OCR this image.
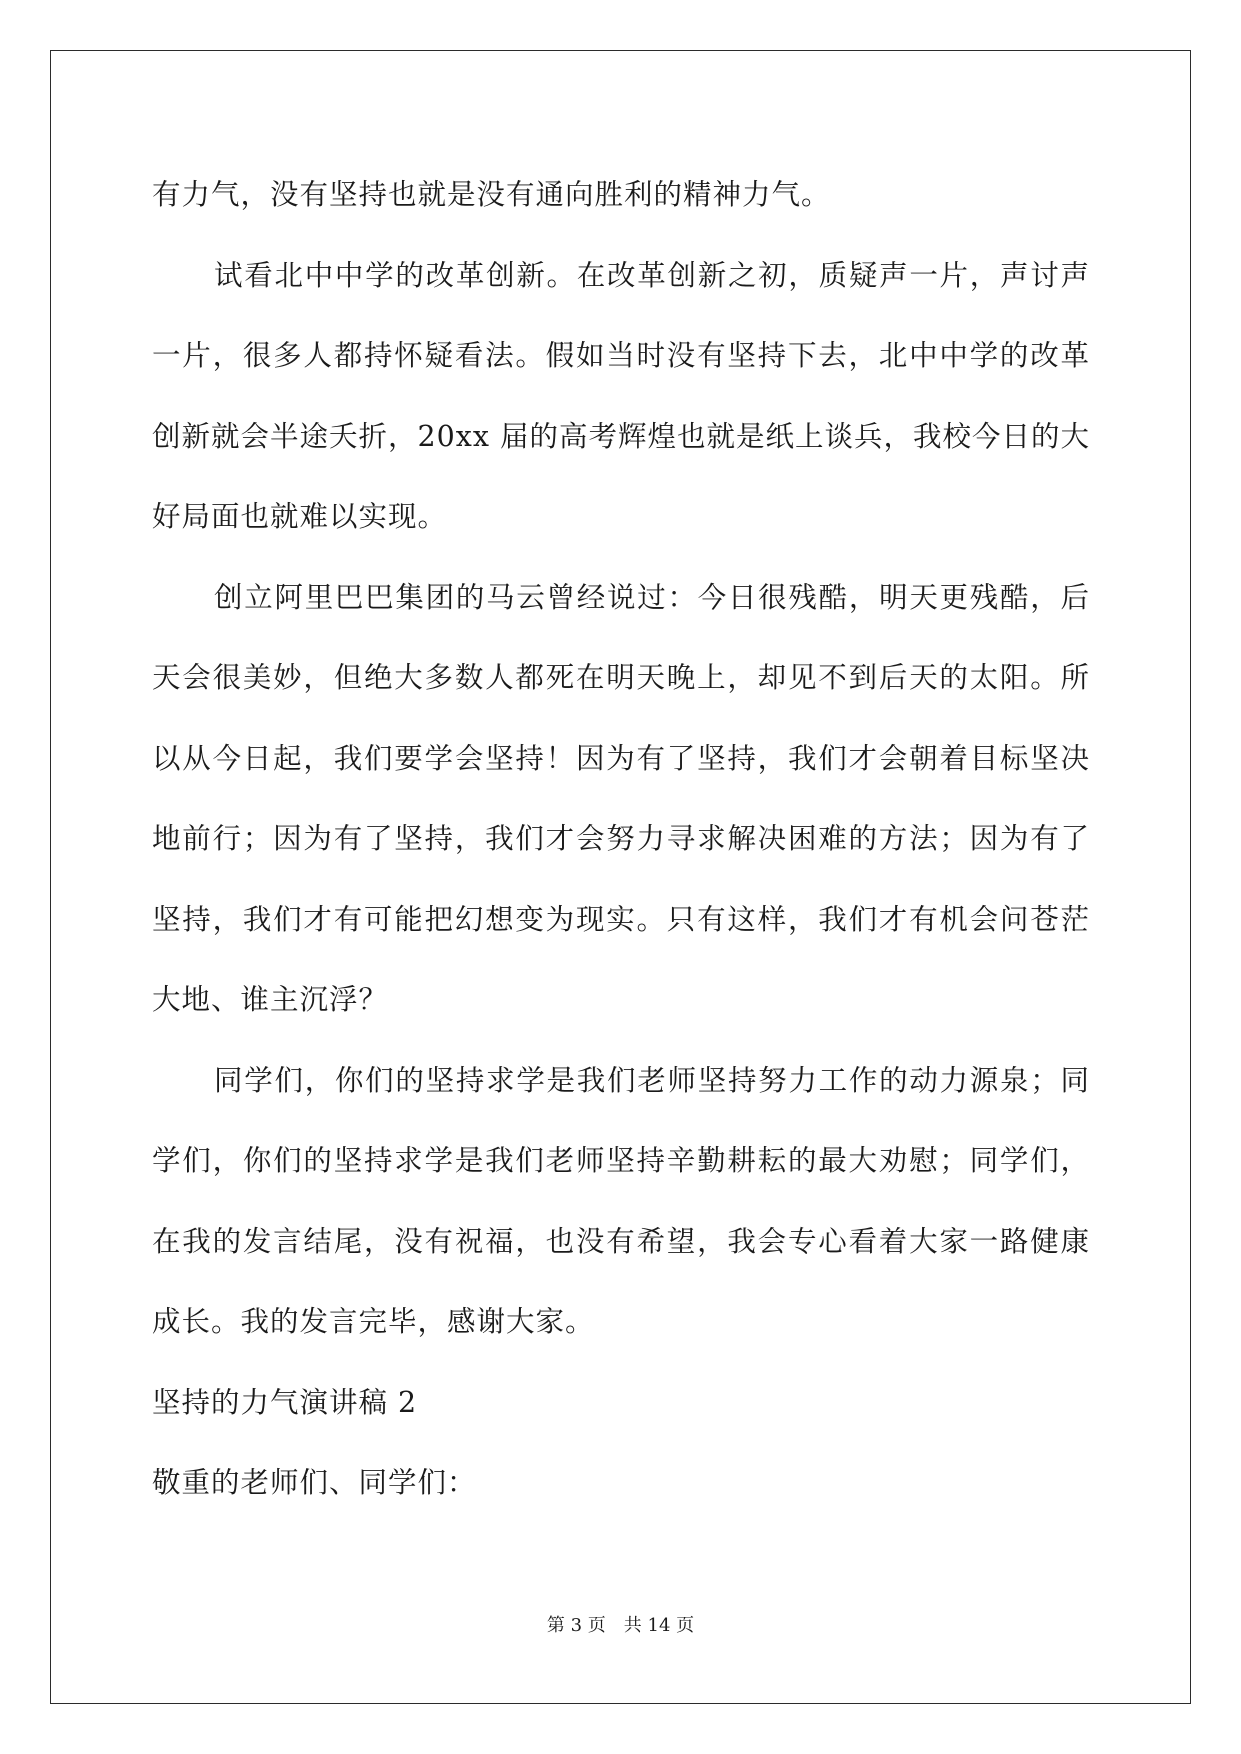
有力气，没有坚持也就是没有通向胜利的精神力气。

试看北中中学的改革创新。在改革创新之初，质疑声一片，声讨声一片，很多人都持怀疑看法。假如当时没有坚持下去，北中中学的改革创新就会半途夭折，20xx 届的高考辉煌也就是纸上谈兵，我校今日的大好局面也就难以实现。

创立阿里巴巴集团的马云曾经说过：今日很残酷，明天更残酷，后天会很美妙，但绝大多数人都死在明天晚上，却见不到后天的太阳。所以从今日起，我们要学会坚持！因为有了坚持，我们才会朝着目标坚决地前行；因为有了坚持，我们才会努力寻求解决困难的方法；因为有了坚持，我们才有可能把幻想变为现实。只有这样，我们才有机会问苍茫大地、谁主沉浮？

同学们，你们的坚持求学是我们老师坚持努力工作的动力源泉；同学们，你们的坚持求学是我们老师坚持辛勤耕耘的最大劝慰；同学们，在我的发言结尾，没有祝福，也没有希望，我会专心看着大家一路健康成长。我的发言完毕，感谢大家。

坚持的力气演讲稿 2

敬重的老师们、同学们：

第 3 页 共 14 页
